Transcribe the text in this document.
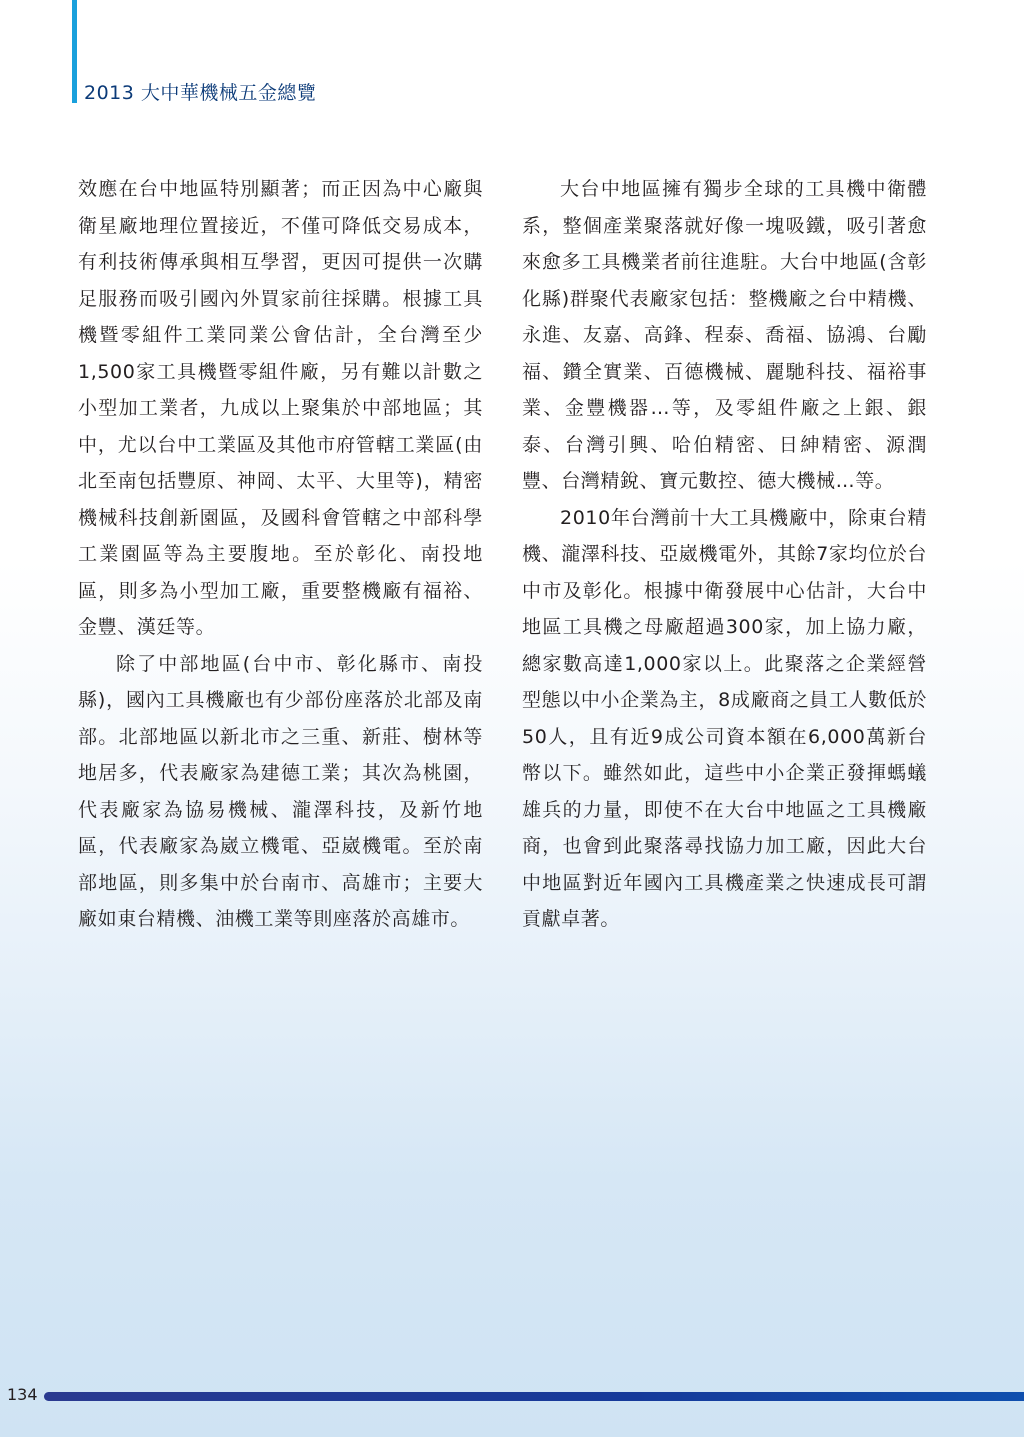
2013 大中華機械五金總覽

效應在台中地區特別顯著；而正因為中心廠與衛星廠地理位置接近，不僅可降低交易成本，有利技術傳承與相互學習，更因可提供一次購足服務而吸引國內外買家前往採購。根據工具機暨零組件工業同業公會估計，全台灣至少1,500家工具機暨零組件廠，另有難以計數之小型加工業者，九成以上聚集於中部地區；其中，尤以台中工業區及其他市府管轄工業區(由北至南包括豐原、神岡、太平、大里等)，精密機械科技創新園區，及國科會管轄之中部科學工業園區等為主要腹地。至於彰化、南投地區，則多為小型加工廠，重要整機廠有福裕、金豐、漢廷等。

除了中部地區(台中市、彰化縣市、南投縣)，國內工具機廠也有少部份座落於北部及南部。北部地區以新北市之三重、新莊、樹林等地居多，代表廠家為建德工業；其次為桃園，代表廠家為協易機械、瀧澤科技，及新竹地區，代表廠家為崴立機電、亞崴機電。至於南部地區，則多集中於台南市、高雄市；主要大廠如東台精機、油機工業等則座落於高雄市。

大台中地區擁有獨步全球的工具機中衛體系，整個產業聚落就好像一塊吸鐵，吸引著愈來愈多工具機業者前往進駐。大台中地區(含彰化縣)群聚代表廠家包括：整機廠之台中精機、永進、友嘉、高鋒、程泰、喬福、協鴻、台勵福、鑽全實業、百德機械、麗馳科技、福裕事業、金豐機器…等，及零組件廠之上銀、銀泰、台灣引興、哈伯精密、日紳精密、源潤豐、台灣精銳、寶元數控、德大機械…等。

2010年台灣前十大工具機廠中，除東台精機、瀧澤科技、亞崴機電外，其餘7家均位於台中市及彰化。根據中衛發展中心估計，大台中地區工具機之母廠超過300家，加上協力廠，總家數高達1,000家以上。此聚落之企業經營型態以中小企業為主，8成廠商之員工人數低於50人，且有近9成公司資本額在6,000萬新台幣以下。雖然如此，這些中小企業正發揮螞蟻雄兵的力量，即使不在大台中地區之工具機廠商，也會到此聚落尋找協力加工廠，因此大台中地區對近年國內工具機產業之快速成長可謂貢獻卓著。

134
